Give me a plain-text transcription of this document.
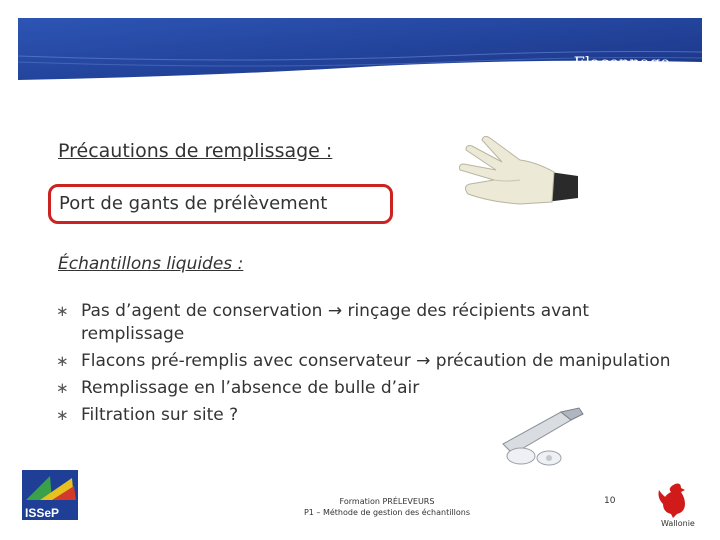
Flaconnage
Précautions de remplissage :
Port de gants de prélèvement
Échantillons liquides :
∗ Pas d’agent de conservation → rinçage des récipients avant remplissage
∗ Flacons pré-remplis avec conservateur → précaution de manipulation
∗ Remplissage en l’absence de bulle d’air
∗ Filtration sur site ?
ISSeP
Formation PRÉLEVEURS
P1 – Méthode de gestion des échantillons
10
Wallonie
